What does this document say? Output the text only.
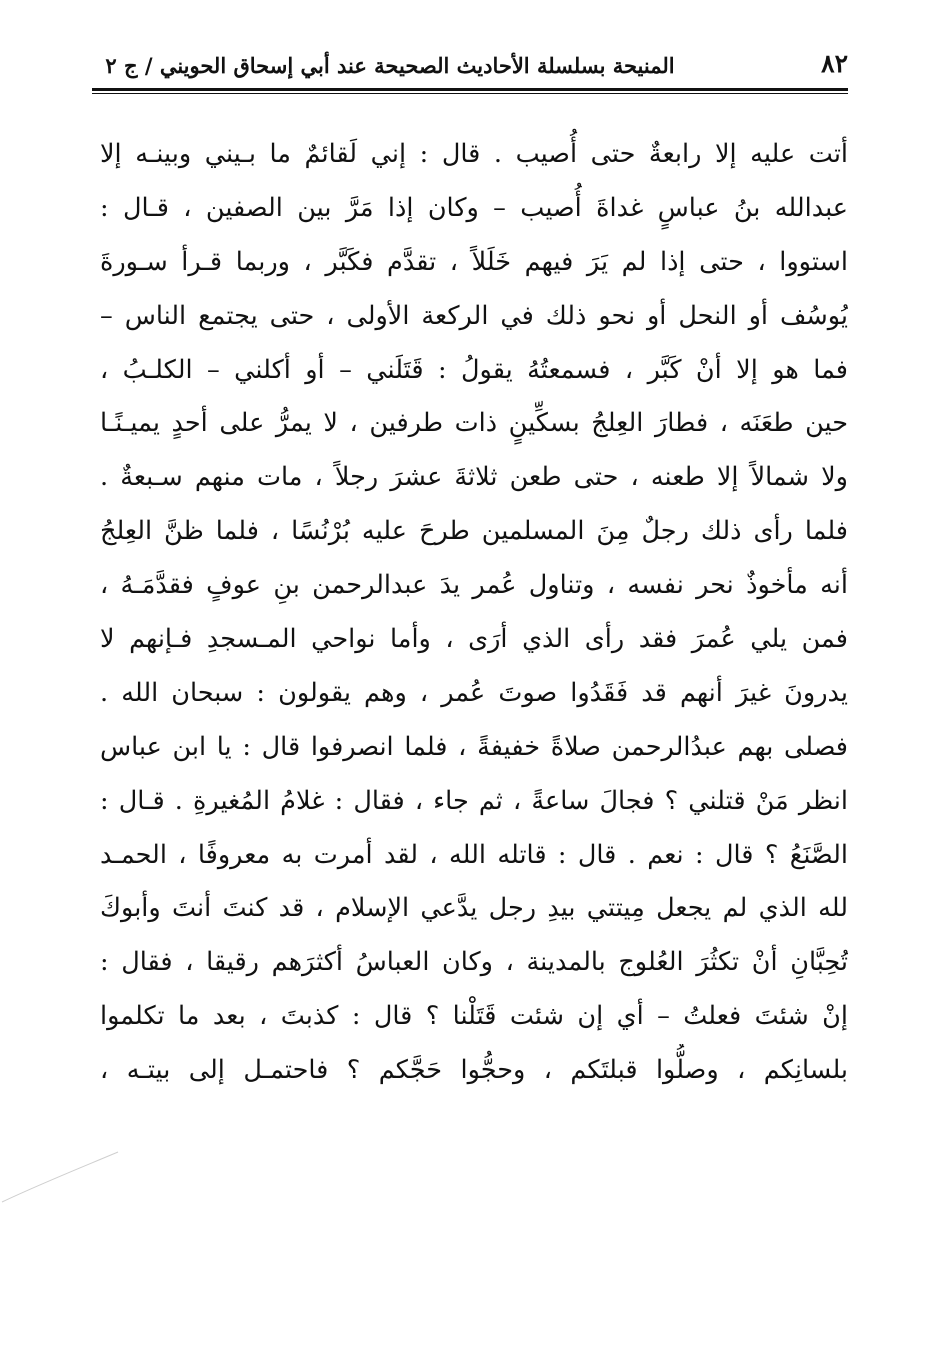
٨٢
المنيحة بسلسلة الأحاديث الصحيحة عند أبي إسحاق الحويني / ج ٢
أتت عليه إلا رابعةٌ حتى أُصيب . قال : إني لَقائمٌ ما بـيني وبينـه إلا
عبدالله بنُ عباسٍ غداةَ أُصيب – وكان إذا مَرَّ بين الصفين ، قـال :
استووا ، حتى إذا لم يَرَ فيهم خَلَلاً ، تقدَّم فكَبَّر ، وربما قـرأ سـورةَ
يُوسُف أو النحل أو نحو ذلك في الركعة الأولى ، حتى يجتمع الناس –
فما هو إلا أنْ كَبَّر ، فسمعتُهُ يقولُ : قَتَلَني – أو أكلني – الكلـبُ ،
حين طعَنَه ، فطارَ العِلجُ بسكِّينٍ ذات طرفين ، لا يمرُّ على أحدٍ يميـنًـا
ولا شمالاً إلا طعنه ، حتى طعن ثلاثةَ عشرَ رجلاً ، مات منهم سـبعةٌ .
فلما رأى ذلك رجلٌ مِنَ المسلمين طرحَ عليه بُرْنُسًا ، فلما ظنَّ العِلجُ
أنه مأخوذٌ نحر نفسه ، وتناول عُمر يدَ عبدالرحمن بنِ عوفٍ فقدَّمَـهُ ،
فمن يلي عُمرَ فقد رأى الذي أرَى ، وأما نواحي المـسجدِ فـإنهم لا
يدرونَ غيرَ أنهم قد فَقَدُوا صوتَ عُمر ، وهم يقولون : سبحان الله .
فصلى بهم عبدُالرحمن صلاةً خفيفةً ، فلما انصرفوا قال : يا ابن عباس
انظر مَنْ قتلني ؟ فجالَ ساعةً ، ثم جاء ، فقال : غلامُ المُغيرةِ . قـال :
الصَّنَعُ ؟ قال : نعم . قال : قاتله الله ، لقد أمرت به معروفًا ، الحمـد
لله الذي لم يجعل مِيتتي بيدِ رجل يدَّعي الإسلام ، قد كنتَ أنتَ وأبوكَ
تُحِبَّانِ أنْ تكثُرَ العُلوج بالمدينة ، وكان العباسُ أكثرَهم رقيقا ، فقال :
إنْ شئتَ فعلتُ – أي إن شئت قَتَلْنا ؟ قال : كذبتَ ، بعد ما تكلموا
بلسانِكم ، وصلُّوا قبلتَكم ، وحجُّوا حَجَّكم ؟ فاحتمـل إلى بيتـه ،
